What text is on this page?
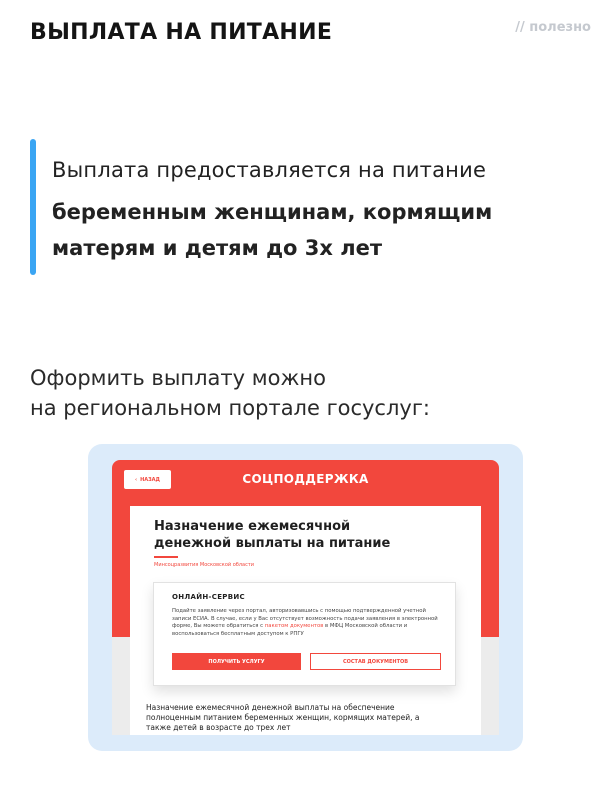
ВЫПЛАТА НА ПИТАНИЕ	// полезно
Выплата предоставляется на питание
беременным женщинам, кормящим
матерям и детям до 3х лет
Оформить выплату можно
на региональном портале госуслуг:
‹ НАЗАД	СОЦПОДДЕРЖКА
Назначение ежемесячной денежной выплаты на питание
Минсоцразвития Московской области
ОНЛАЙН-СЕРВИС
Подайте заявление через портал, авторизовавшись с помощью подтвержденной учетной записи ЕСИА. В случае, если у Вас отсутствует возможность подачи заявления в электронной форме, Вы можете обратиться с пакетом документов в МФЦ Московской области и воспользоваться бесплатным доступом к РПГУ
ПОЛУЧИТЬ УСЛУГУ	СОСТАВ ДОКУМЕНТОВ
Назначение ежемесячной денежной выплаты на обеспечение полноценным питанием беременных женщин, кормящих матерей, а также детей в возрасте до трех лет
